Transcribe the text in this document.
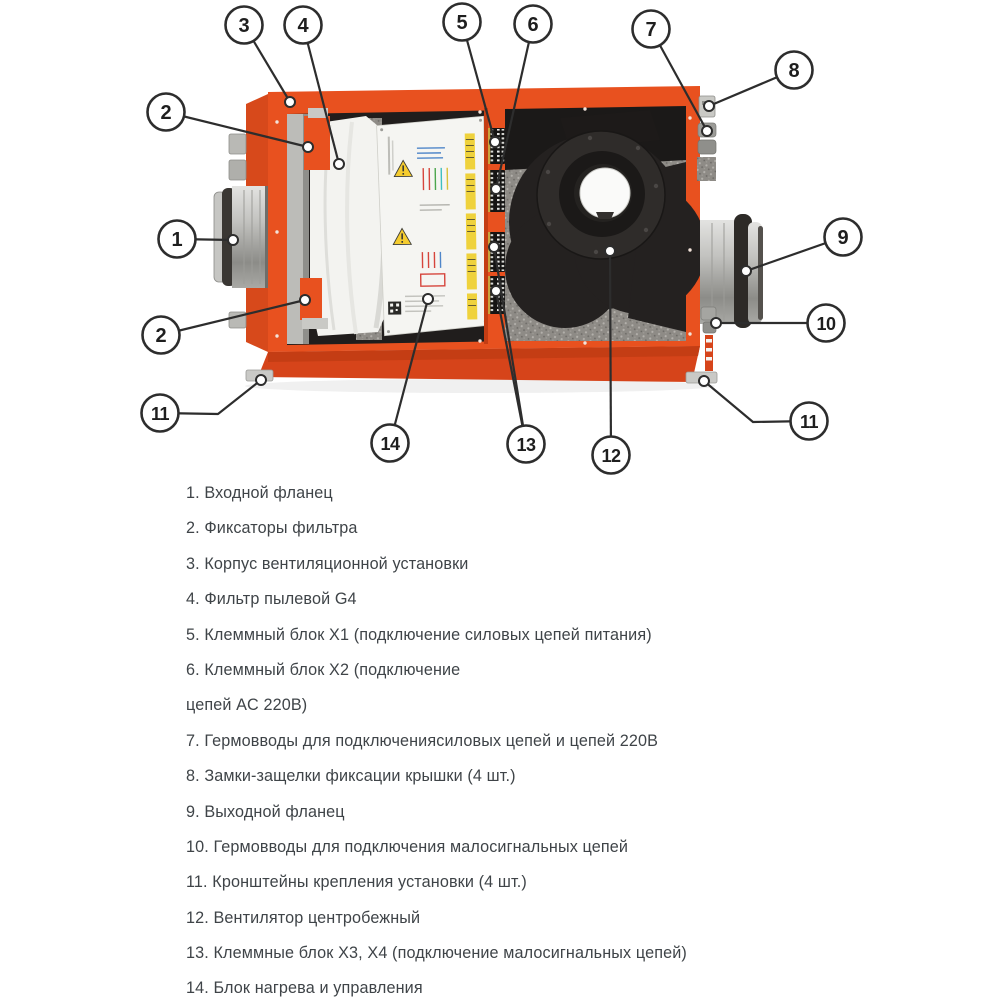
1
2
2
3 4	5	6	7
8
9
10
11	11
12
13
14

1. Входной фланец

2. Фиксаторы фильтра

3. Корпус вентиляционной установки

4. Фильтр пылевой G4

5. Клеммный блок X1 (подключение силовых цепей питания)

6. Клеммный блок X2 (подключение

цепей AC 220В)

7. Гермовводы для подключениясиловых цепей и цепей 220В

8. Замки-защелки фиксации крышки (4 шт.)

9. Выходной фланец

10. Гермовводы для подключения малосигнальных цепей

11. Кронштейны крепления установки (4 шт.)

12. Вентилятор центробежный

13. Клеммные блок X3, X4 (подключение малосигнальных цепей)

14. Блок нагрева и управления
